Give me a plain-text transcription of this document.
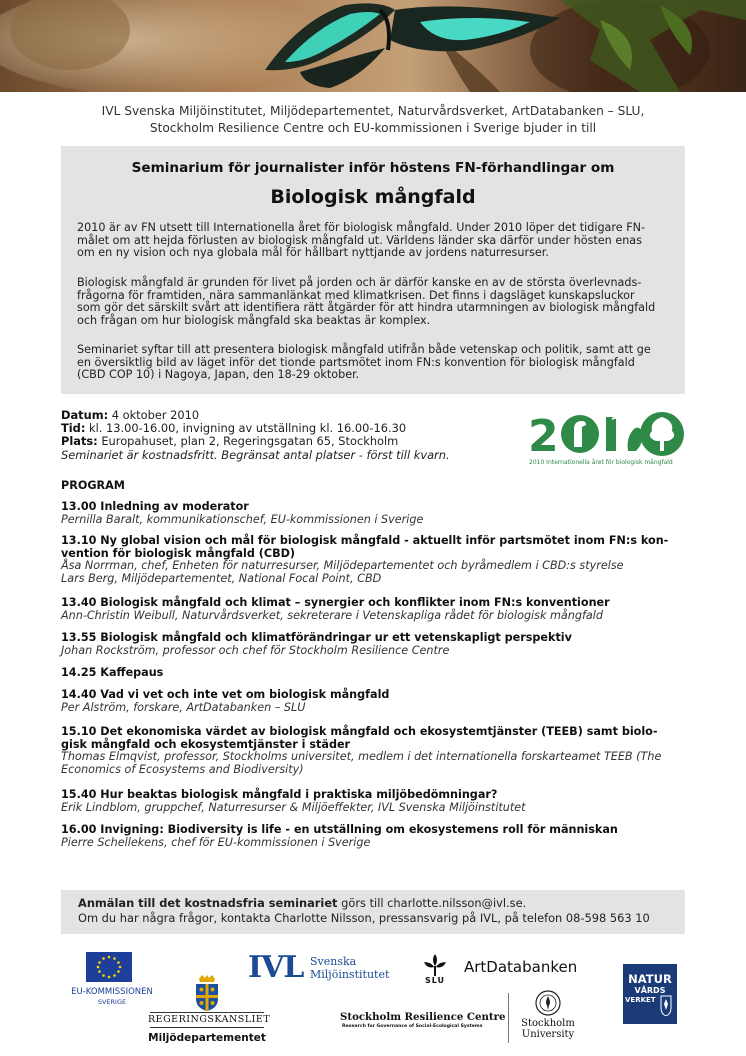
IVL Svenska Miljöinstitutet, Miljödepartementet, Naturvårdsverket, ArtDatabanken – SLU,
Stockholm Resilience Centre och EU-kommissionen i Sverige bjuder in till
Seminarium för journalister inför höstens FN-förhandlingar om
Biologisk mångfald
2010 är av FN utsett till Internationella året för biologisk mångfald. Under 2010 löper det tidigare FN-
målet om att hejda förlusten av biologisk mångfald ut. Världens länder ska därför under hösten enas
om en ny vision och nya globala mål för hållbart nyttjande av jordens naturresurser.
Biologisk mångfald är grunden för livet på jorden och är därför kanske en av de största överlevnads-
frågorna för framtiden, nära sammanlänkat med klimatkrisen. Det finns i dagsläget kunskapsluckor
som gör det särskilt svårt att identifiera rätt åtgärder för att hindra utarmningen av biologisk mångfald
och frågan om hur biologisk mångfald ska beaktas är komplex.
Seminariet syftar till att presentera biologisk mångfald utifrån både vetenskap och politik, samt att ge
en översiktlig bild av läget inför det tionde partsmötet inom FN:s konvention för biologisk mångfald
(CBD COP 10) i Nagoya, Japan, den 18-29 oktober.
Datum: 4 oktober 2010
Tid: kl. 13.00-16.00, invigning av utställning kl. 16.00-16.30
Plats: Europahuset, plan 2, Regeringsgatan 65, Stockholm
Seminariet är kostnadsfritt. Begränsat antal platser - först till kvarn.	2
2010 Internationella året för biologisk mångfald
PROGRAM
13.00 Inledning av moderator
Pernilla Baralt, kommunikationschef, EU-kommissionen i Sverige
13.10 Ny global vision och mål för biologisk mångfald - aktuellt inför partsmötet inom FN:s kon-
vention för biologisk mångfald (CBD)
Åsa Norrman, chef, Enheten för naturresurser, Miljödepartementet och byråmedlem i CBD:s styrelse
Lars Berg, Miljödepartementet, National Focal Point, CBD
13.40 Biologisk mångfald och klimat – synergier och konflikter inom FN:s konventioner
Ann-Christin Weibull, Naturvårdsverket, sekreterare i Vetenskapliga rådet för biologisk mångfald
13.55 Biologisk mångfald och klimatförändringar ur ett vetenskapligt perspektiv
Johan Rockström, professor och chef för Stockholm Resilience Centre
14.25 Kaffepaus
14.40 Vad vi vet och inte vet om biologisk mångfald
Per Alström, forskare, ArtDatabanken – SLU
15.10 Det ekonomiska värdet av biologisk mångfald och ekosystemtjänster (TEEB) samt biolo-
gisk mångfald och ekosystemtjänster i städer
Thomas Elmqvist, professor, Stockholms universitet, medlem i det internationella forskarteamet TEEB (The
Economics of Ecosystems and Biodiversity)
15.40 Hur beaktas biologisk mångfald i praktiska miljöbedömningar?
Erik Lindblom, gruppchef, Naturresurser & Miljöeffekter, IVL Svenska Miljöinstitutet
16.00 Invigning: Biodiversity is life - en utställning om ekosystemens roll för människan
Pierre Schellekens, chef för EU-kommissionen i Sverige
Anmälan till det kostnadsfria seminariet görs till charlotte.nilsson@ivl.se.
Om du har några frågor, kontakta Charlotte Nilsson, pressansvarig på IVL, på telefon 08-598 563 10
EU-KOMMISSIONEN
SVERIGE
REGERINGSKANSLIET
Miljödepartementet
IVL Svenska
Miljöinstitutet	SLU
ArtDatabanken
Stockholm Resilience Centre
Research for Governance of Social-Ecological Systems	Stockholm
University
NATUR
VÅRDS
VERKET
